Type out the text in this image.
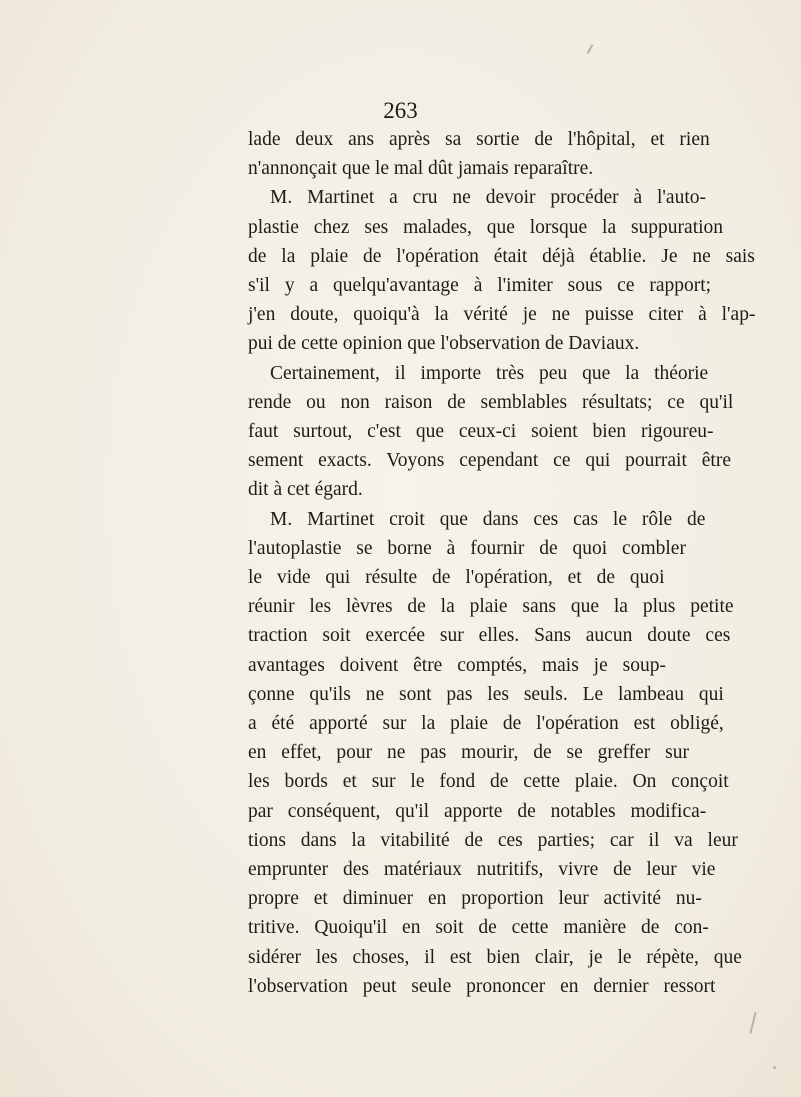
263
lade deux ans après sa sortie de l'hôpital, et rien
n'annonçait que le mal dût jamais reparaître.
M. Martinet a cru ne devoir procéder à l'auto-
plastie chez ses malades, que lorsque la suppuration
de la plaie de l'opération était déjà établie. Je ne sais
s'il y a quelqu'avantage à l'imiter sous ce rapport;
j'en doute, quoiqu'à la vérité je ne puisse citer à l'ap-
pui de cette opinion que l'observation de Daviaux.
Certainement, il importe très peu que la théorie
rende ou non raison de semblables résultats; ce qu'il
faut surtout, c'est que ceux-ci soient bien rigoureu-
sement exacts. Voyons cependant ce qui pourrait être
dit à cet égard.
M. Martinet croit que dans ces cas le rôle de
l'autoplastie se borne à fournir de quoi combler
le vide qui résulte de l'opération, et de quoi
réunir les lèvres de la plaie sans que la plus petite
traction soit exercée sur elles. Sans aucun doute ces
avantages doivent être comptés, mais je soup-
çonne qu'ils ne sont pas les seuls. Le lambeau qui
a été apporté sur la plaie de l'opération est obligé,
en effet, pour ne pas mourir, de se greffer sur
les bords et sur le fond de cette plaie. On conçoit
par conséquent, qu'il apporte de notables modifica-
tions dans la vitabilité de ces parties; car il va leur
emprunter des matériaux nutritifs, vivre de leur vie
propre et diminuer en proportion leur activité nu-
tritive. Quoiqu'il en soit de cette manière de con-
sidérer les choses, il est bien clair, je le répète, que
l'observation peut seule prononcer en dernier ressort
